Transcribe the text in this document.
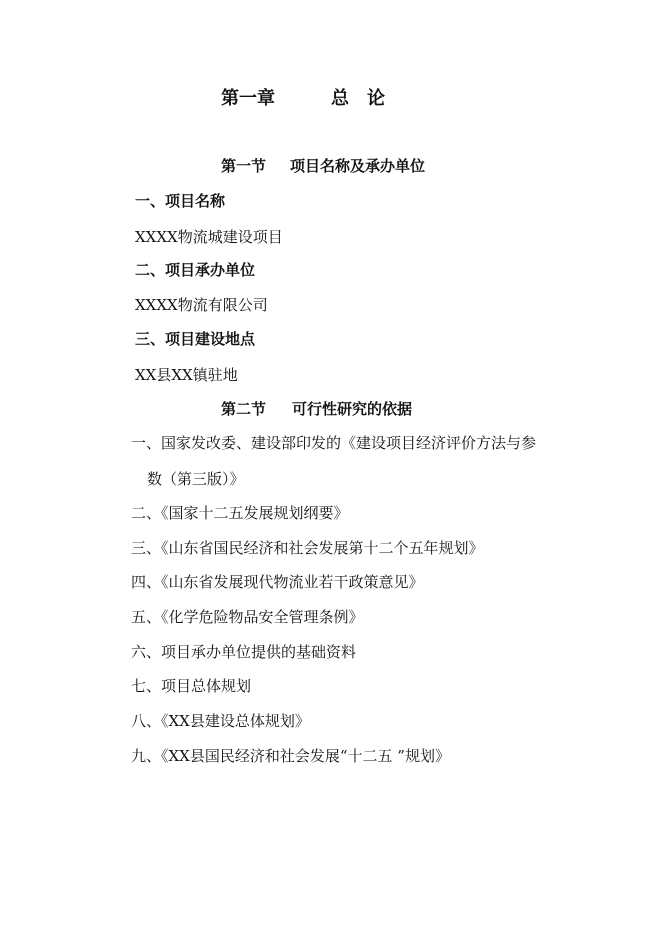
第一章	总　论
第一节 项目名称及承办单位
一、项目名称
XXXX物流城建设项目
二、项目承办单位
XXXX物流有限公司
三、项目建设地点
XX县XX镇驻地
第二节 可行性研究的依据
一、国家发改委、建设部印发的《建设项目经济评价方法与参
数（第三版）》
二、《国家十二五发展规划纲要》
三、《山东省国民经济和社会发展第十二个五年规划》
四、《山东省发展现代物流业若干政策意见》
五、《化学危险物品安全管理条例》
六、项目承办单位提供的基础资料
七、项目总体规划
八、《XX县建设总体规划》
九、《XX县国民经济和社会发展“十二五 ”规划》
